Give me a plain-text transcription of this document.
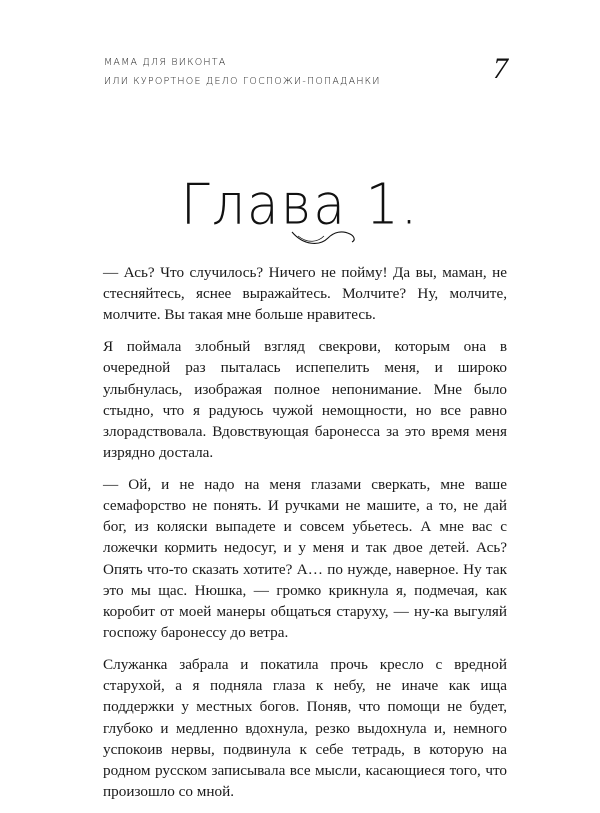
МАМА ДЛЯ ВИКОНТА
ИЛИ КУРОРТНОЕ ДЕЛО ГОСПОЖИ-ПОПАДАНКИ	7
Глава 1.

— Ась? Что случилось? Ничего не пойму! Да вы, маман, не стесняйтесь, яснее выражайтесь. Молчите? Ну, молчите, молчите. Вы такая мне больше нравитесь.

Я поймала злобный взгляд свекрови, которым она в очередной раз пыталась испепелить меня, и широко улыбнулась, изображая полное непонимание. Мне было стыдно, что я радуюсь чужой немощности, но все равно злорадствовала. Вдовствующая баронесса за это время меня изрядно достала.

— Ой, и не надо на меня глазами сверкать, мне ваше семафорство не понять. И ручками не машите, а то, не дай бог, из коляски выпадете и совсем убьетесь. А мне вас с ложечки кормить недосуг, и у меня и так двое детей. Ась? Опять что-то сказать хотите? А… по нужде, наверное. Ну так это мы щас. Нюшка, — громко крикнула я, подмечая, как коробит от моей манеры общаться старуху, — ну-ка выгуляй госпожу баронессу до ветра.

Служанка забрала и покатила прочь кресло с вредной старухой, а я подняла глаза к небу, не иначе как ища поддержки у местных богов. Поняв, что помощи не будет, глубоко и медленно вдохнула, резко выдохнула и, немного успокоив нервы, подвинула к себе тетрадь, в которую на родном русском записывала все мысли, касающиеся того, что произошло со мной.
